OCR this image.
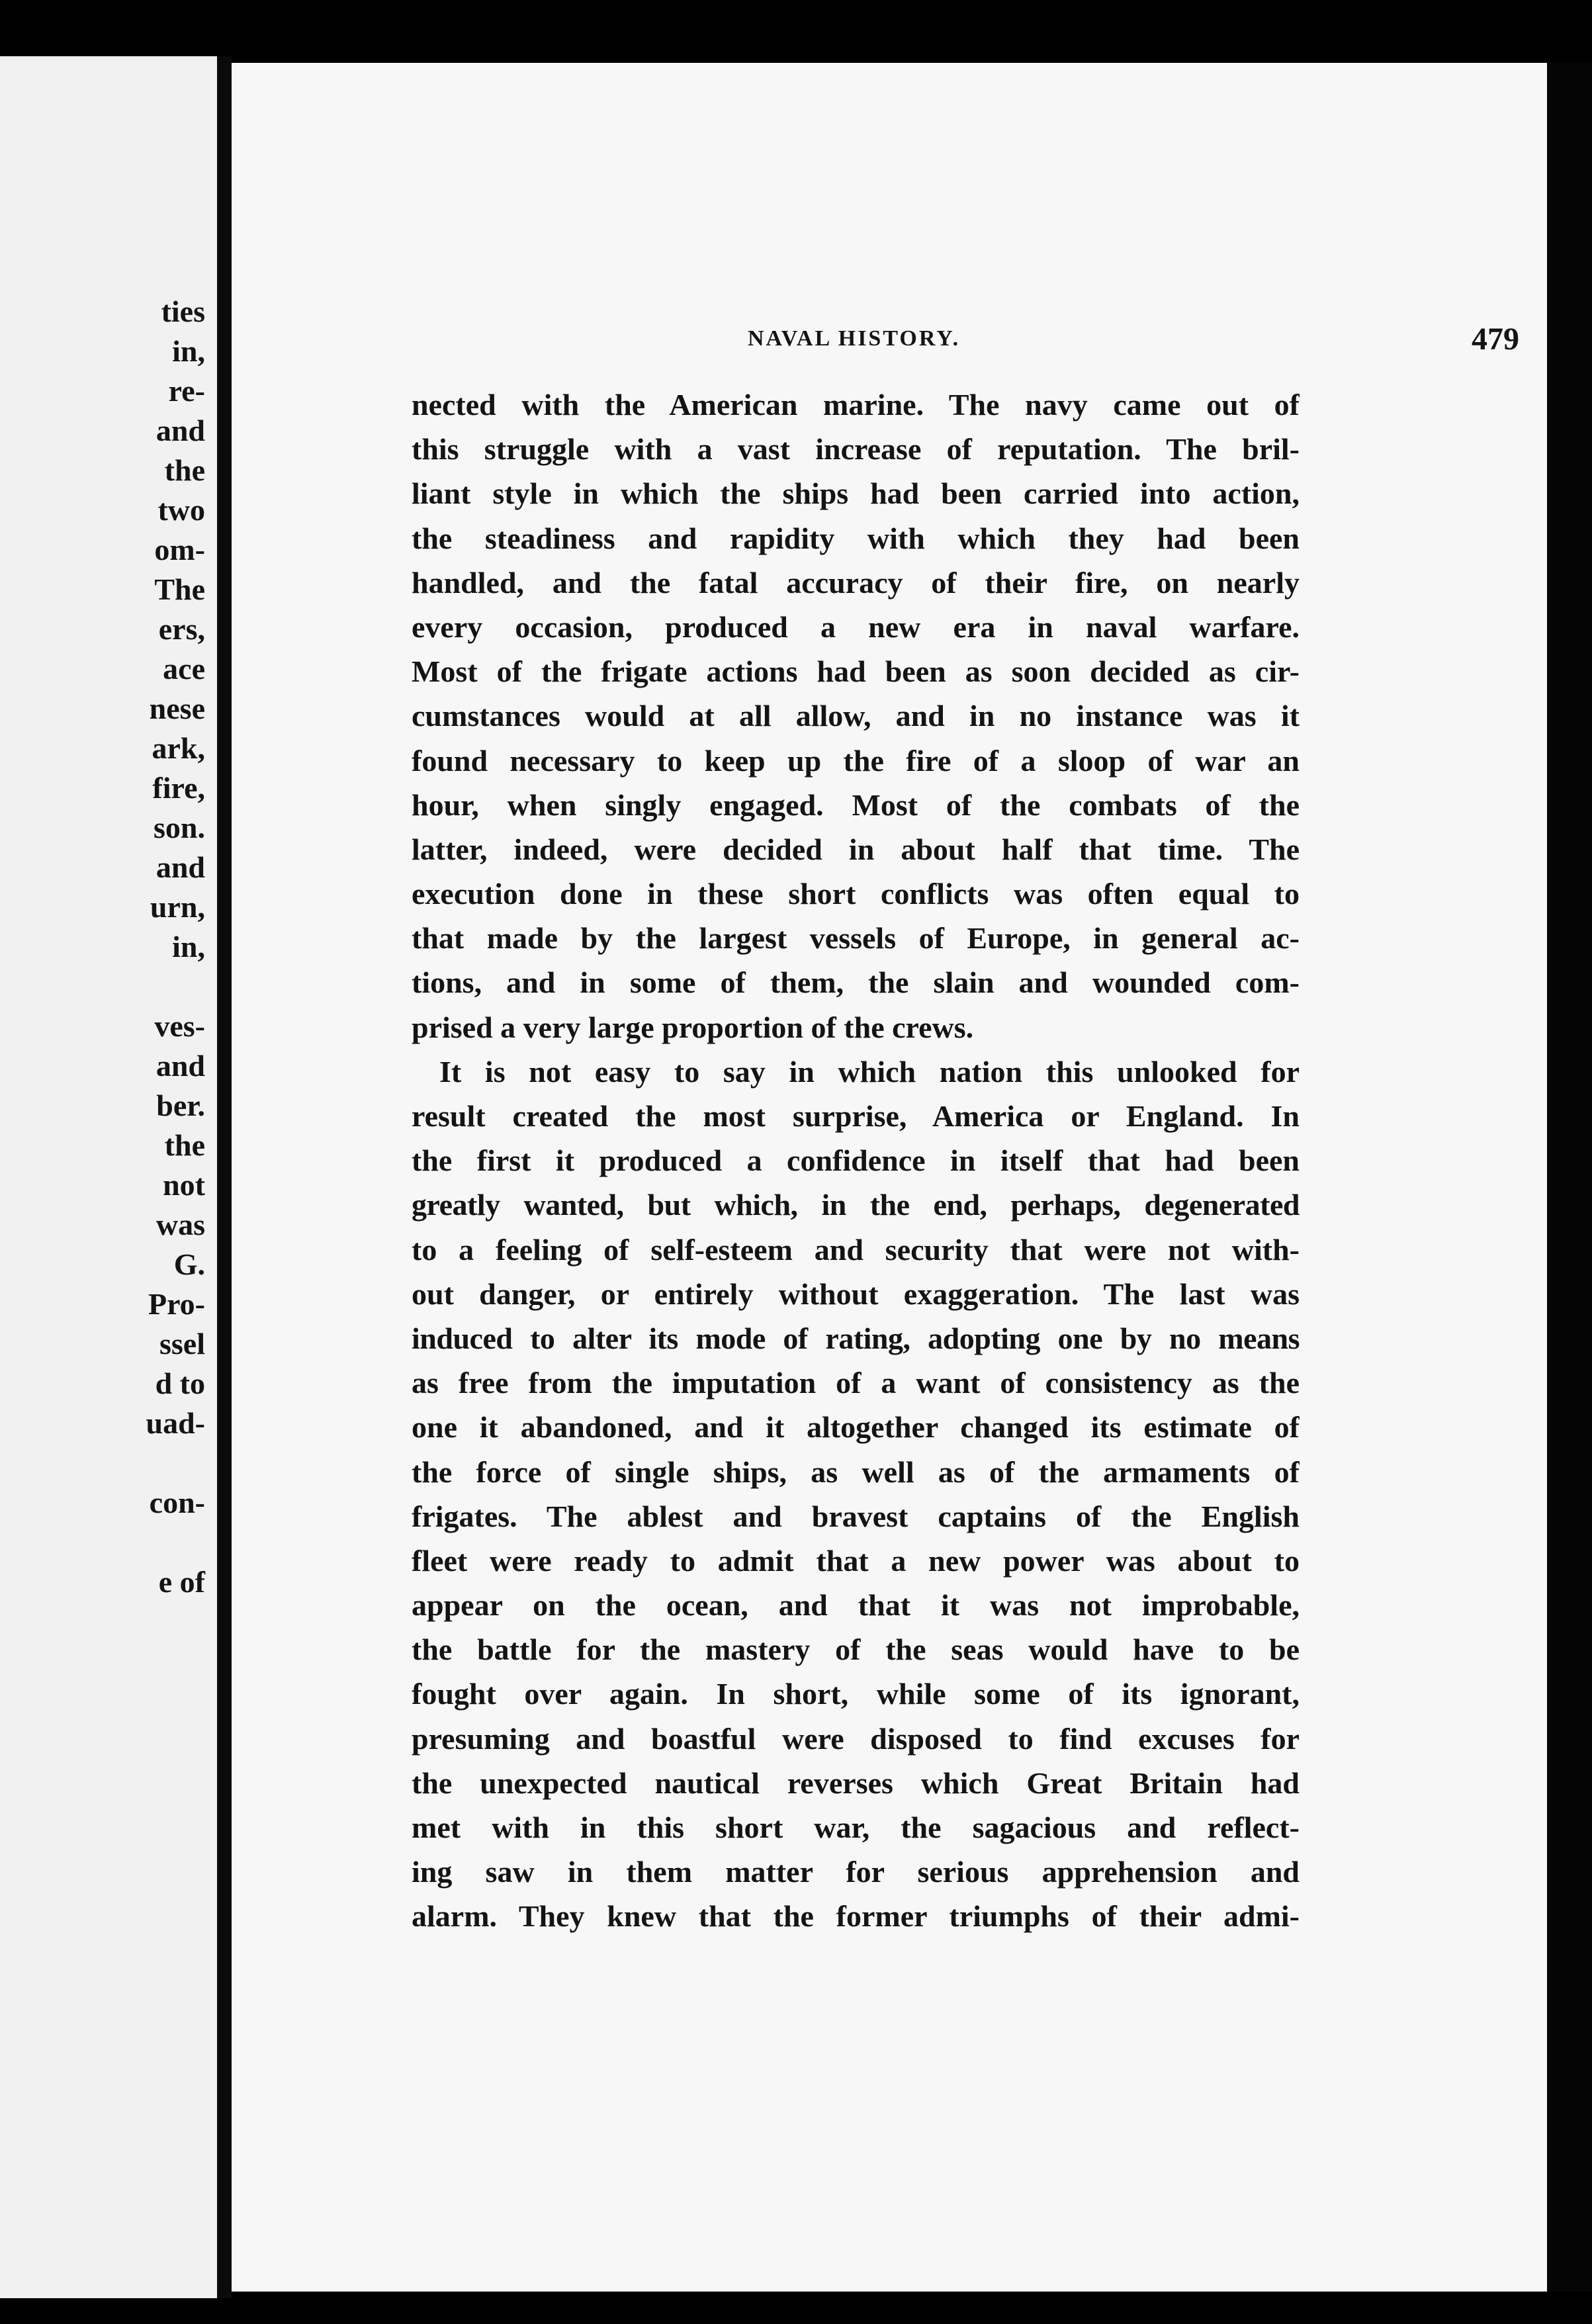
ties
in,
re-
and
the
two
om-
The
ers,
ace
nese
ark,
fire,
son.
and
urn,
in,
ves-
and
ber.
the
not
was
G.
Pro-
ssel
d to
uad-
con-
e of
NAVAL HISTORY.	479
nected with the American marine. The navy came out of
this struggle with a vast increase of reputation. The bril-
liant style in which the ships had been carried into action,
the steadiness and rapidity with which they had been
handled, and the fatal accuracy of their fire, on nearly
every occasion, produced a new era in naval warfare.
Most of the frigate actions had been as soon decided as cir-
cumstances would at all allow, and in no instance was it
found necessary to keep up the fire of a sloop of war an
hour, when singly engaged. Most of the combats of the
latter, indeed, were decided in about half that time. The
execution done in these short conflicts was often equal to
that made by the largest vessels of Europe, in general ac-
tions, and in some of them, the slain and wounded com-
prised a very large proportion of the crews.
It is not easy to say in which nation this unlooked for
result created the most surprise, America or England. In
the first it produced a confidence in itself that had been
greatly wanted, but which, in the end, perhaps, degenerated
to a feeling of self-esteem and security that were not with-
out danger, or entirely without exaggeration. The last was
induced to alter its mode of rating, adopting one by no means
as free from the imputation of a want of consistency as the
one it abandoned, and it altogether changed its estimate of
the force of single ships, as well as of the armaments of
frigates. The ablest and bravest captains of the English
fleet were ready to admit that a new power was about to
appear on the ocean, and that it was not improbable,
the battle for the mastery of the seas would have to be
fought over again. In short, while some of its ignorant,
presuming and boastful were disposed to find excuses for
the unexpected nautical reverses which Great Britain had
met with in this short war, the sagacious and reflect-
ing saw in them matter for serious apprehension and
alarm. They knew that the former triumphs of their admi-
